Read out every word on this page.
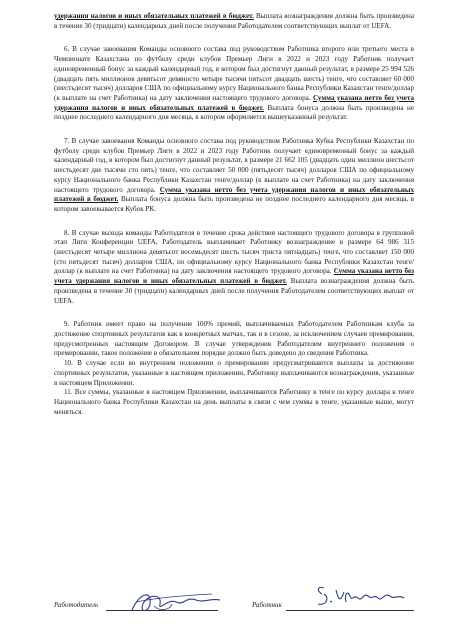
удержания налогов и иных обязательных платежей в бюджет. Выплата вознаграждения должна быть произведена в течение 30 (тридцати) календарных дней после получения Работодателем соответствующих выплат от UEFA.

6. В случае завоевания Команды основного состава под руководством Работника второго или третьего места в Чемпионате Казахстана по футболу среди клубов Премьер Лиги в 2022 и 2023 году Работник получает единовременный бонус за каждый календарный год, в котором был достигнут данный результат, в размере 25 994 526 (двадцать пять миллионов девятьсот девяносто четыре тысячи пятьсот двадцать шесть) тенге, что составляет 60 000 (шестьдесят тысяч) долларов США по официальному курсу Национального банка Республики Казахстан тенге/доллар (к выплате на счет Работника) на дату заключения настоящего трудового договора. Сумма указана нетто без учета удержания налогов и иных обязательных платежей в бюджет. Выплата бонуса должна быть произведена не позднее последнего календарного дня месяца, в котором оформляется вышеуказанный результат.

7. В случае завоевания Команды основного состава под руководством Работника Кубка Республики Казахстан по футболу среди клубов Премьер Лиги в 2022 и 2023 году Работник получает единовременный бонус за каждый календарный год, в котором был достигнут данный результат, в размере 21 662 105 (двадцать один миллион шестьсот шестьдесят две тысячи сто пять) тенге, что составляет 50 000 (пятьдесят тысяч) долларов США по официальному курсу Национального банка Республики Казахстан тенге/доллар (к выплате на счет Работника) на дату заключения настоящего трудового договора. Сумма указана нетто без учета удержания налогов и иных обязательных платежей в бюджет. Выплата бонуса должна быть произведена не позднее последнего календарного дня месяца, в котором завоевывается Кубок РК.

8. В случае выхода команды Работодателя в течение срока действия настоящего трудового договора в групповой этап Лиги Конференции UEFA, Работодатель выплачивает Работнику вознаграждение в размере 64 986 315 (шестьдесят четыре миллиона девятьсот восемьдесят шесть тысяч триста пятнадцать) тенге, что составляет 150 000 (сто пятьдесят тысяч) долларов США, по официальному курсу Национального банка Республики Казахстан тенге/доллар (к выплате на счет Работника) на дату заключения настоящего трудового договора. Сумма указана нетто без учета удержания налогов и иных обязательных платежей в бюджет. Выплата вознаграждения должна быть произведена в течение 30 (тридцати) календарных дней после получения Работодателем соответствующих выплат от UEFA.

9. Работник имеет право на получение 100% премий, выплачиваемых Работодателем Работникам клуба за достижение спортивных результатов как в конкретных матчах, так и в сезоне, за исключением случаев премирования, предусмотренных настоящим Договором. В случае утверждения Работодателем внутреннего положения о премировании, такое положение в обязательном порядке должно быть доведено до сведения Работника.

10. В случае если во внутреннем положении о премировании предусматриваются выплаты за достижение спортивных результатов, указанные в настоящем приложении, Работнику выплачиваются вознаграждения, указанные в настоящем Приложении.

11. Все суммы, указанные в настоящем Приложении, выплачиваются Работнику в тенге по курсу доллара к тенге Национального банка Республики Казахстан на день выплаты в связи с чем суммы в тенге, указанные выше, могут меняться.

Работодатель	Работник
